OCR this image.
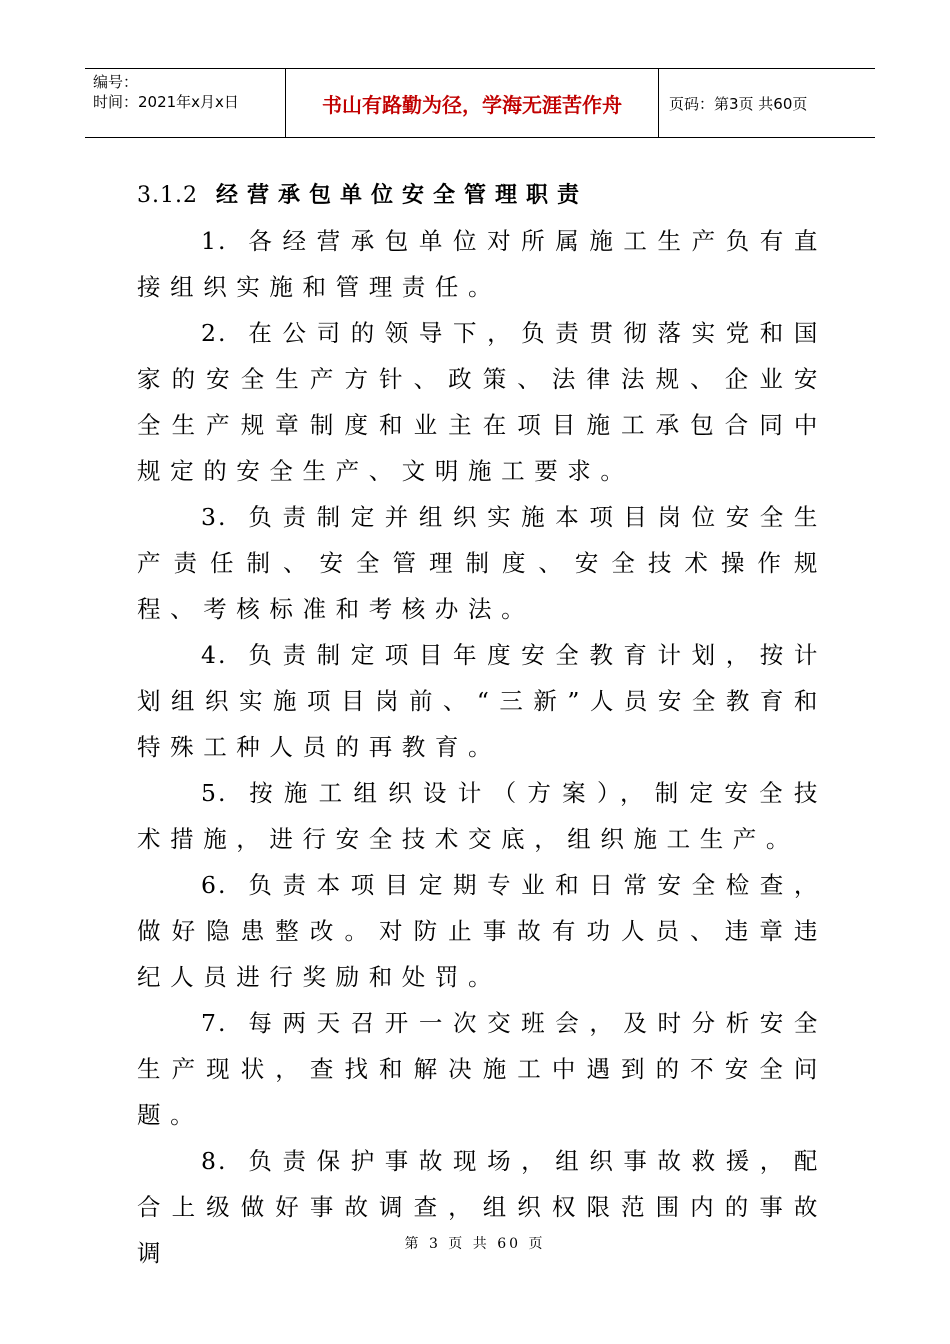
编号：
时间：2021年x月x日	书山有路勤为径，学海无涯苦作舟	页码：第3页 共60页
3.1.2 经营承包单位安全管理职责

1. 各经营承包单位对所属施工生产负有直接组织实施和管理责任。

2. 在公司的领导下，负责贯彻落实党和国家的安全生产方针、政策、法律法规、企业安全生产规章制度和业主在项目施工承包合同中规定的安全生产、文明施工要求。

3. 负责制定并组织实施本项目岗位安全生产责任制、安全管理制度、安全技术操作规程、考核标准和考核办法。

4. 负责制定项目年度安全教育计划，按计划组织实施项目岗前、“三新”人员安全教育和特殊工种人员的再教育。

5. 按施工组织设计（方案），制定安全技术措施，进行安全技术交底，组织施工生产。

6. 负责本项目定期专业和日常安全检查，做好隐患整改。对防止事故有功人员、违章违纪人员进行奖励和处罚。

7. 每两天召开一次交班会，及时分析安全生产现状，查找和解决施工中遇到的不安全问题。

8. 负责保护事故现场，组织事故救援，配合上级做好事故调查，组织权限范围内的事故调	第 3 页 共 60 页
